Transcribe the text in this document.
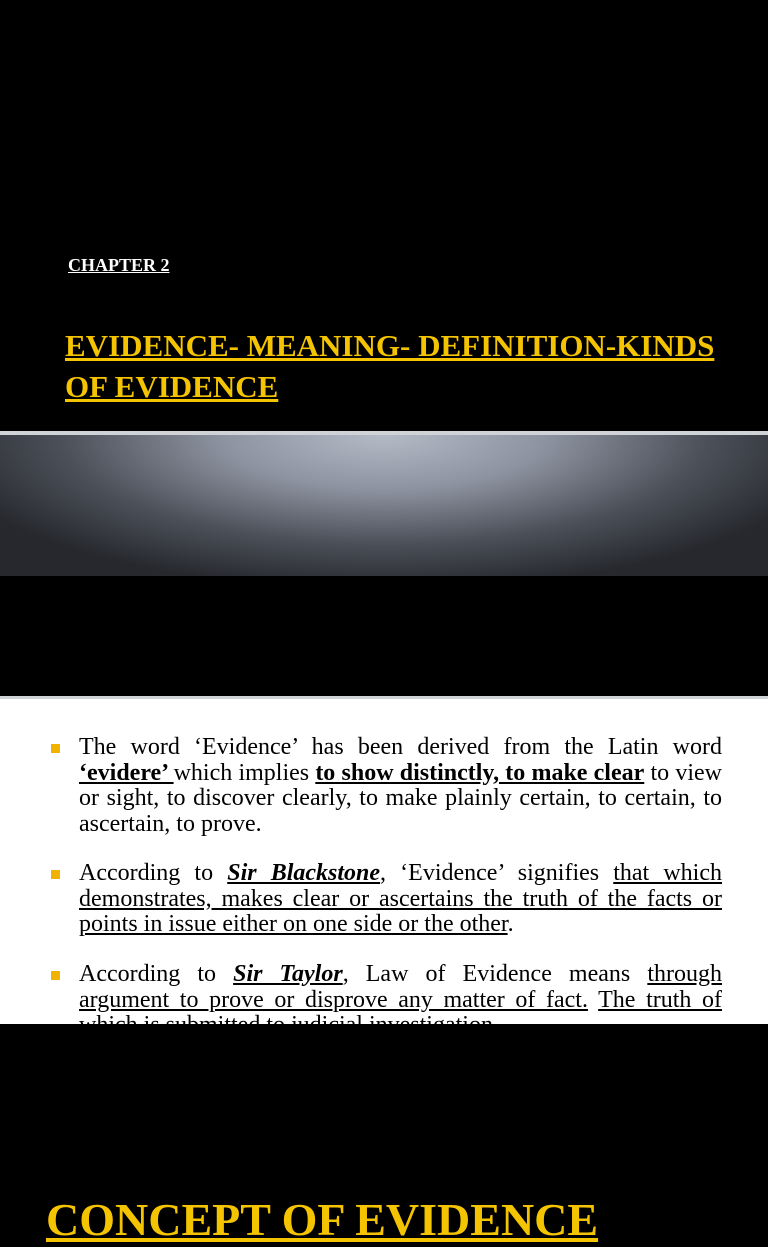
CHAPTER 2
EVIDENCE- MEANING- DEFINITION-KINDS OF EVIDENCE
CONCEPT OF EVIDENCE
The word ‘Evidence’ has been derived from the Latin word ‘evidere’ which implies to show distinctly, to make clear to view or sight, to discover clearly, to make plainly certain, to certain, to ascertain, to prove.
According to Sir Blackstone, ‘Evidence’ signifies that which demonstrates, makes clear or ascertains the truth of the facts or points in issue either on one side or the other.
According to Sir Taylor, Law of Evidence means through argument to prove or disprove any matter of fact. The truth of which is submitted to judicial investigation
